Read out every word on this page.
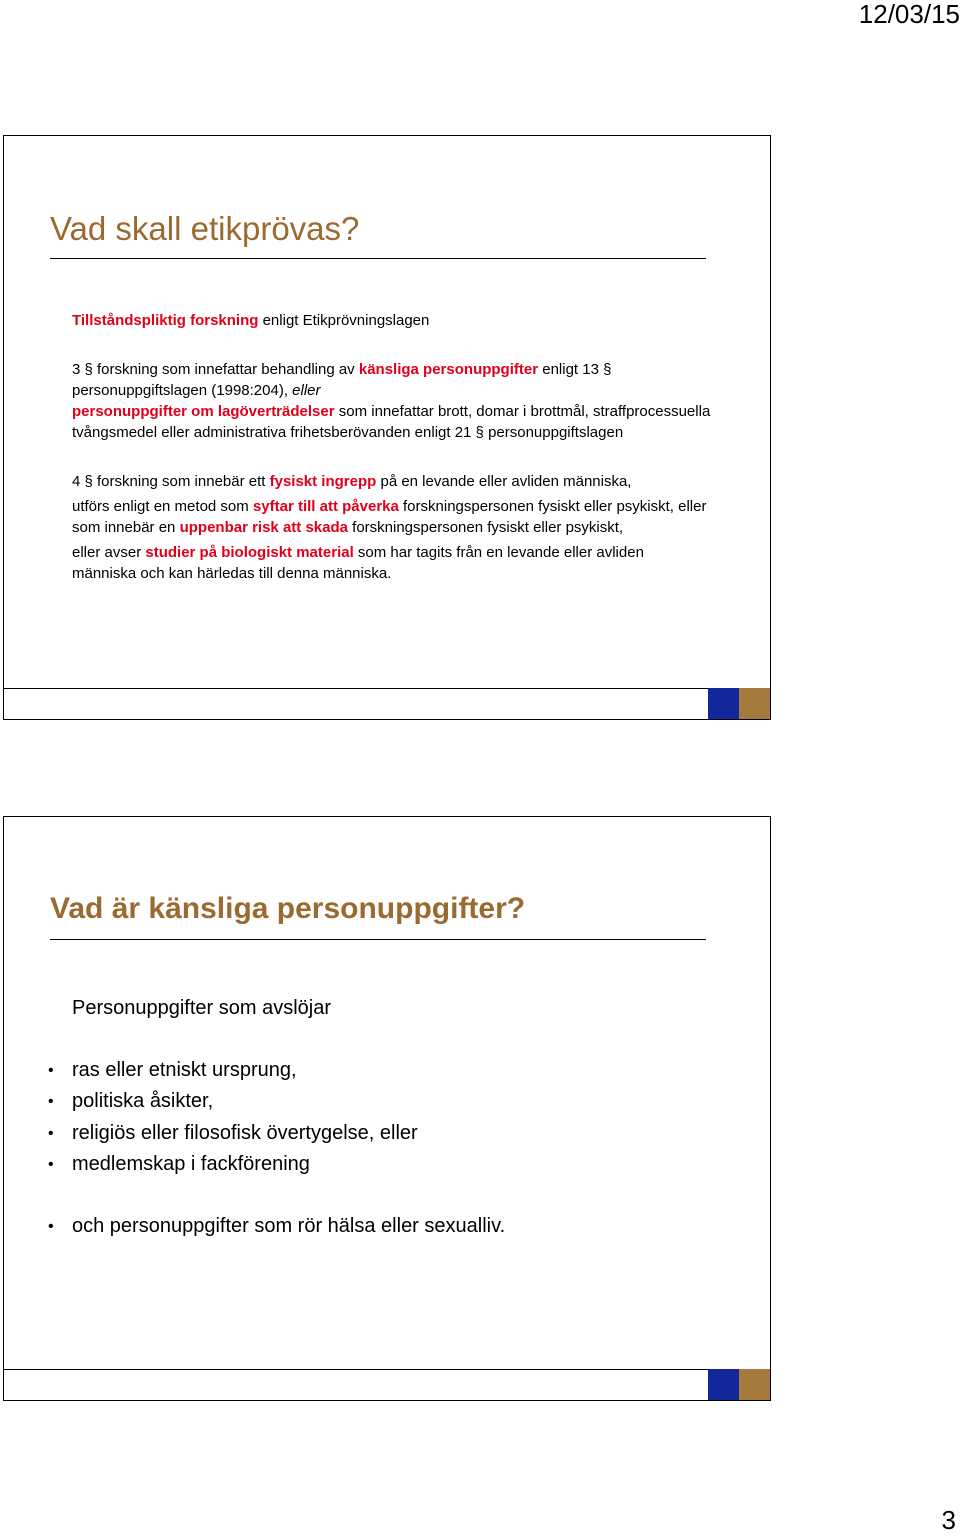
12/03/15
Vad skall etikprövas?

Tillståndspliktig forskning enligt Etikprövningslagen

3 § forskning som innefattar behandling av känsliga personuppgifter enligt 13 § personuppgiftslagen (1998:204), eller
personuppgifter om lagöverträdelser som innefattar brott, domar i brottmål, straffprocessuella tvångsmedel eller administrativa frihetsberövanden enligt 21 § personuppgiftslagen

4 § forskning som innebär ett fysiskt ingrepp på en levande eller avliden människa,

utförs enligt en metod som syftar till att påverka forskningspersonen fysiskt eller psykiskt, eller som innebär en uppenbar risk att skada forskningspersonen fysiskt eller psykiskt,

eller avser studier på biologiskt material som har tagits från en levande eller avliden människa och kan härledas till denna människa.

Vad är känsliga personuppgifter?

Personuppgifter som avslöjar

• ras eller etniskt ursprung,
• politiska åsikter,
• religiös eller filosofisk övertygelse, eller
• medlemskap i fackförening
• och personuppgifter som rör hälsa eller sexualliv.
3
